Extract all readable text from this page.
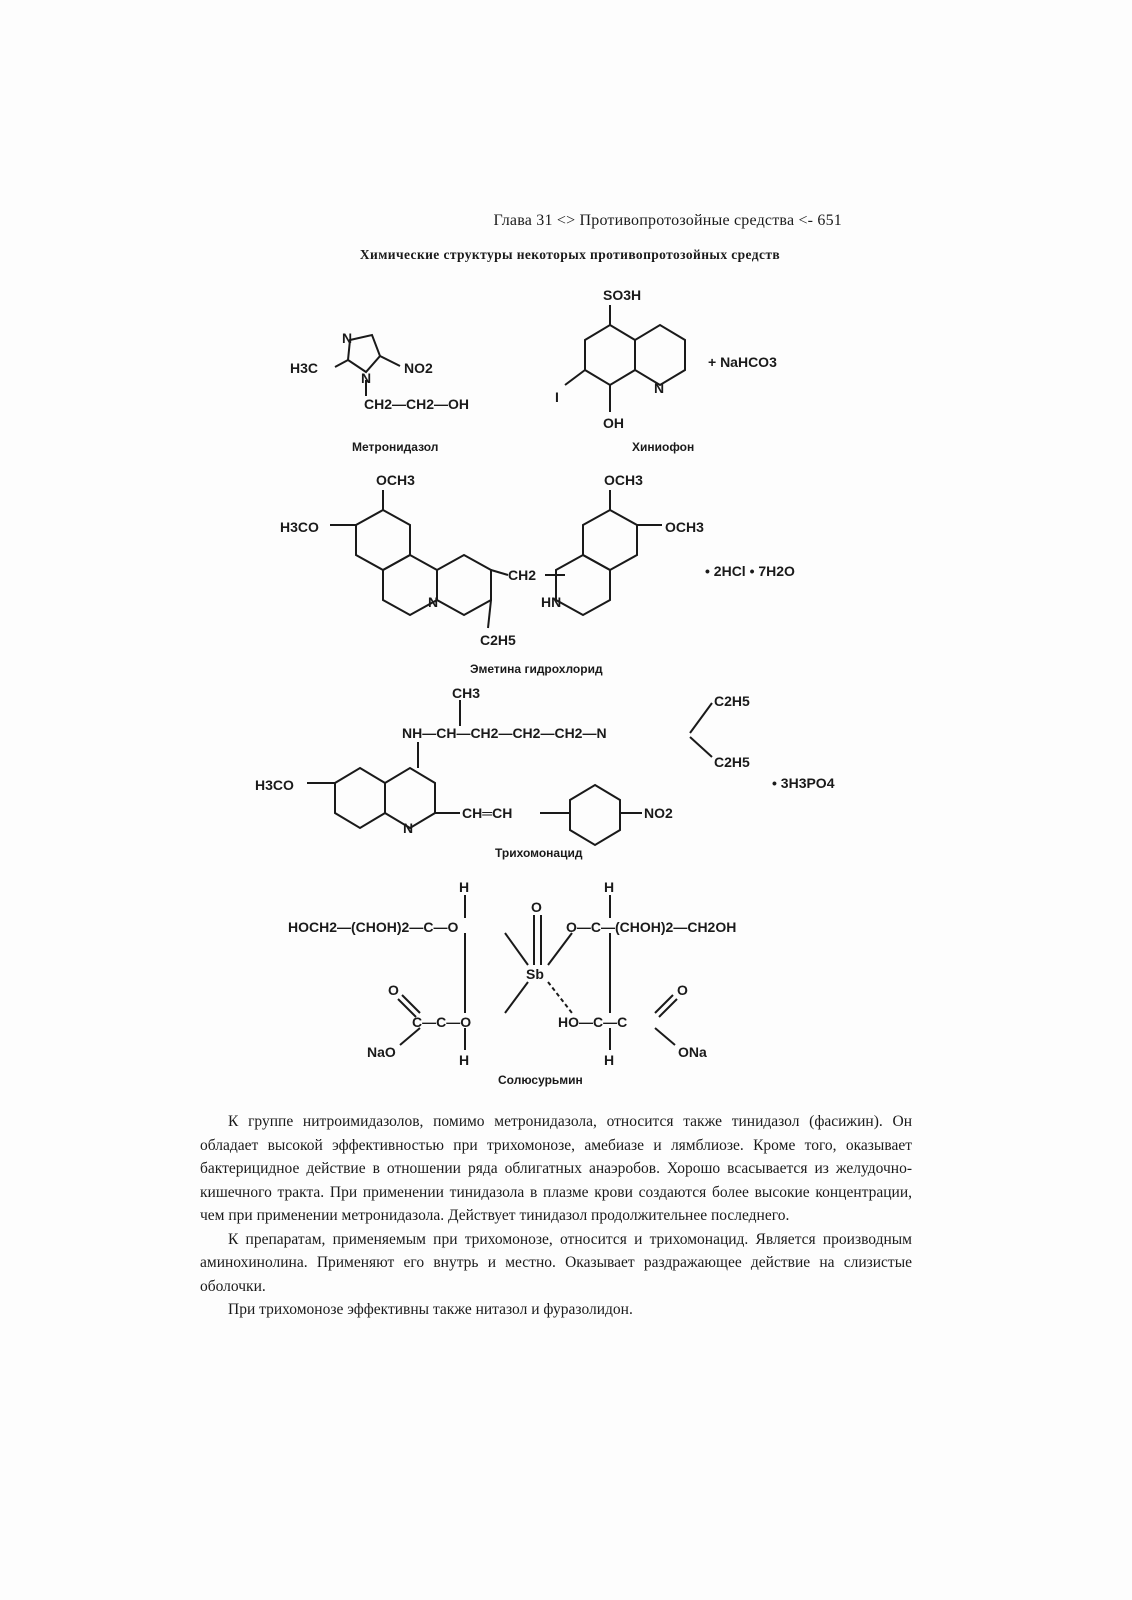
Глава 31 <> Противопротозойные средства <- 651
Химические структуры некоторых противопротозойных средств
N
H3C
N
NO2
CH2—CH2—OH
Метронидазол
SO3H
+ NaHCO3
I
N
OH
Хиниофон
OCH3
H3CO
OCH3
OCH3
CH2
N	HN
C2H5
• 2HCl • 7H2O
Эметина гидрохлорид
CH3
NH—CH—CH2—CH2—CH2—N
C2H5
C2H5
H3CO
N
CH═CH	NO2
• 3H3PO4
Трихомонацид
H	H
O
HOCH2—(CHOH)2—C—O	O—C—(CHOH)2—CH2OH
Sb
O	O
C—C—O	HO—C—C
NaO	ONa
H	H
Солюсурьмин

К группе нитроимидазолов, помимо метронидазола, относится также тинидазол (фасижин). Он обладает высокой эффективностью при трихомонозе, амебиазе и лямблиозе. Кроме того, оказывает бактерицидное действие в отношении ряда облигатных анаэробов. Хорошо всасывается из желудочно-кишечного тракта. При применении тинидазола в плазме крови создаются более высокие концентрации, чем при применении метронидазола. Действует тинидазол продолжительнее последнего.

К препаратам, применяемым при трихомонозе, относится и трихомонацид. Является производным аминохинолина. Применяют его внутрь и местно. Оказывает раздражающее действие на слизистые оболочки.

При трихомонозе эффективны также нитазол и фуразолидон.
